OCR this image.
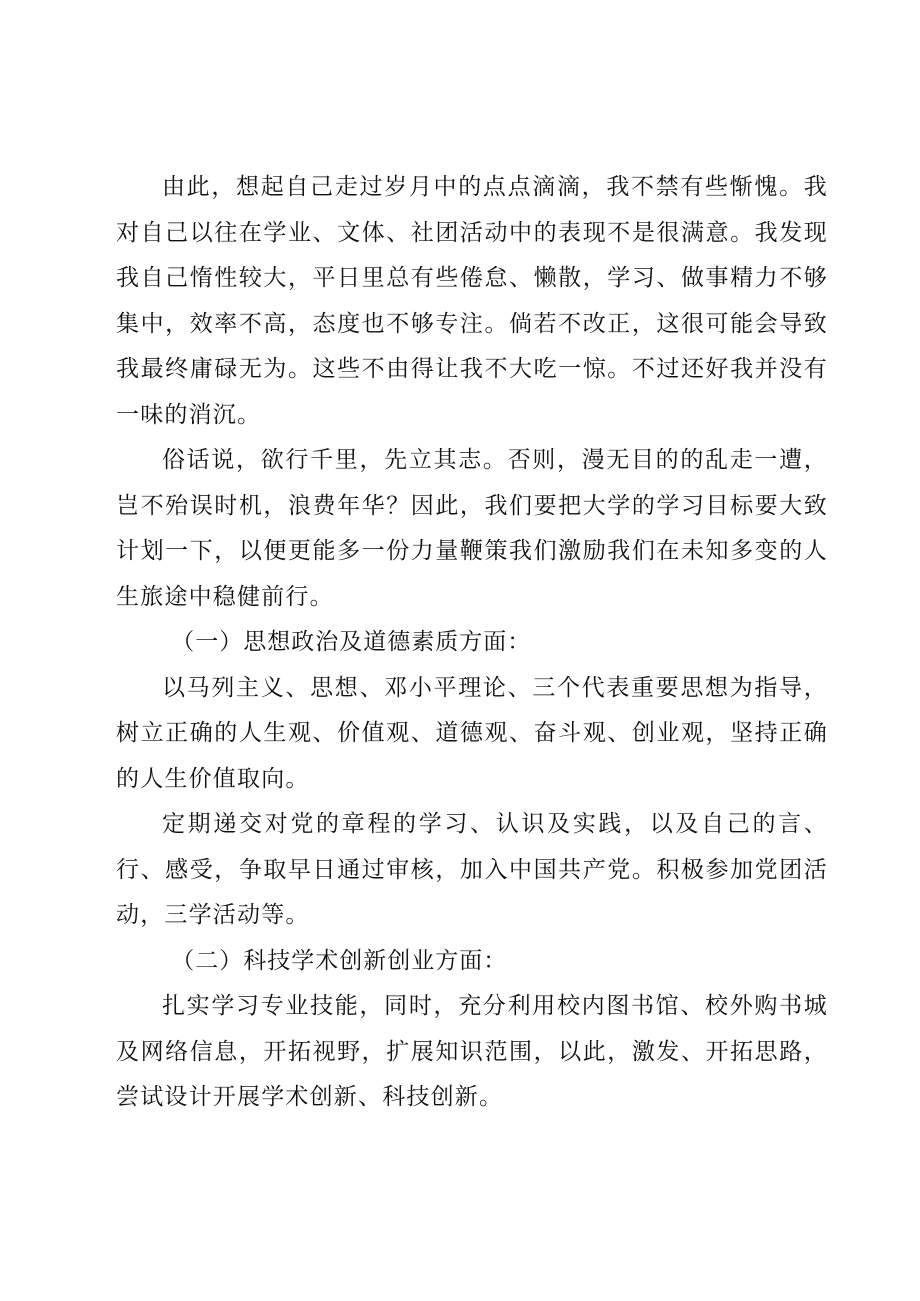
由此，想起自己走过岁月中的点点滴滴，我不禁有些惭愧。我对自己以往在学业、文体、社团活动中的表现不是很满意。我发现我自己惰性较大，平日里总有些倦怠、懒散，学习、做事精力不够集中，效率不高，态度也不够专注。倘若不改正，这很可能会导致我最终庸碌无为。这些不由得让我不大吃一惊。不过还好我并没有一味的消沉。

俗话说，欲行千里，先立其志。否则，漫无目的的乱走一遭，岂不殆误时机，浪费年华？因此，我们要把大学的学习目标要大致计划一下，以便更能多一份力量鞭策我们激励我们在未知多变的人生旅途中稳健前行。

（一）思想政治及道德素质方面：

以马列主义、思想、邓小平理论、三个代表重要思想为指导，树立正确的人生观、价值观、道德观、奋斗观、创业观，坚持正确的人生价值取向。

定期递交对党的章程的学习、认识及实践，以及自己的言、行、感受，争取早日通过审核，加入中国共产党。积极参加党团活动，三学活动等。

（二）科技学术创新创业方面：

扎实学习专业技能，同时，充分利用校内图书馆、校外购书城及网络信息，开拓视野，扩展知识范围，以此，激发、开拓思路，尝试设计开展学术创新、科技创新。
